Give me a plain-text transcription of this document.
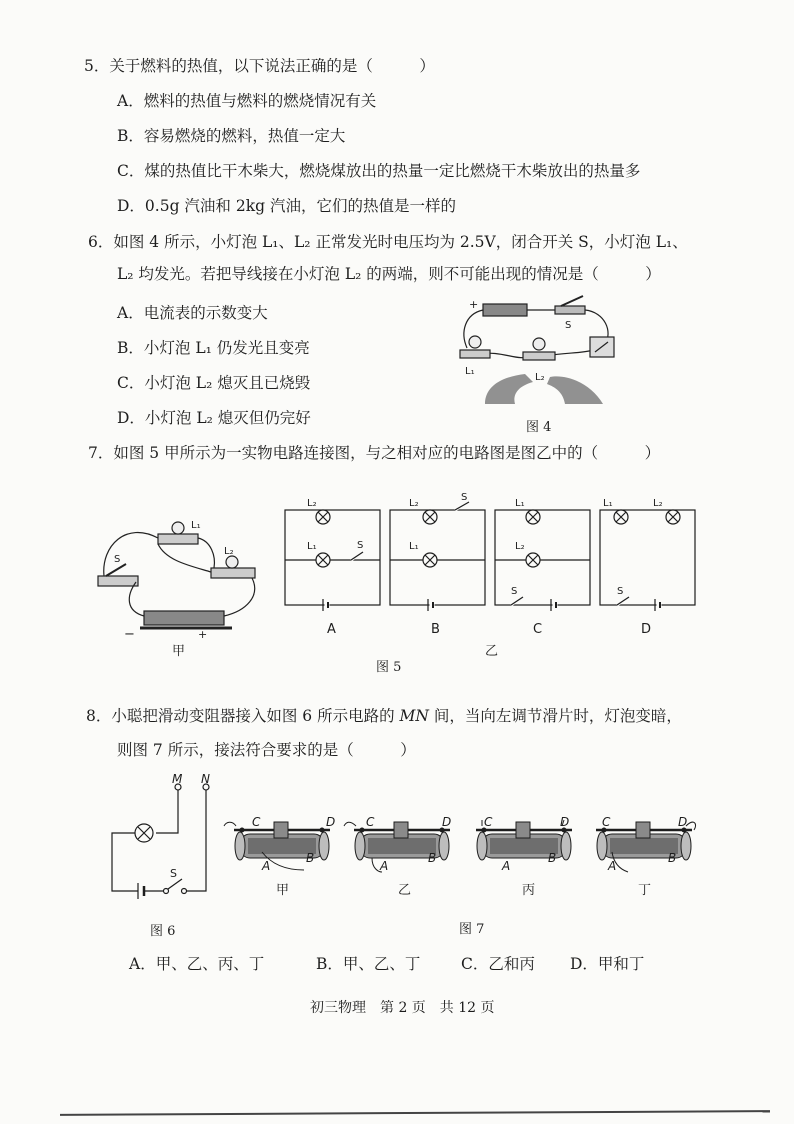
5．关于燃料的热值，以下说法正确的是（　　　）
A．燃料的热值与燃料的燃烧情况有关
B．容易燃烧的燃料，热值一定大
C．煤的热值比干木柴大，燃烧煤放出的热量一定比燃烧干木柴放出的热量多
D．0.5g 汽油和 2kg 汽油，它们的热值是一样的
6．如图 4 所示，小灯泡 L₁、L₂ 正常发光时电压均为 2.5V，闭合开关 S，小灯泡 L₁、
L₂ 均发光。若把导线接在小灯泡 L₂ 的两端，则不可能出现的情况是（　　　）
A．电流表的示数变大
B．小灯泡 L₁ 仍发光且变亮
C．小灯泡 L₂ 熄灭且已烧毁
D．小灯泡 L₂ 熄灭但仍完好
+
S
L₁
L₂
图 4
7．如图 5 甲所示为一实物电路连接图，与之相对应的电路图是图乙中的（　　　）
L₁
L₂
S
−	+
甲
L₂
L₁	S
L₂
L₁
S
L₁
L₂
S
L₁	L₂
S
A	B	C	D
乙
图 5
8．小聪把滑动变阻器接入如图 6 所示电路的 MN 间，当向左调节滑片时，灯泡变暗，
则图 7 所示，接法符合要求的是（　　　）
M N
S
图 6
C	D
A
B
C	D
A
B
C	D
A
B
C	D
A
B
甲	乙	丙	丁
图 7
A．甲、乙、丙、丁	B．甲、乙、丁	C．乙和丙 D．甲和丁
初三物理　第 2 页　共 12 页
